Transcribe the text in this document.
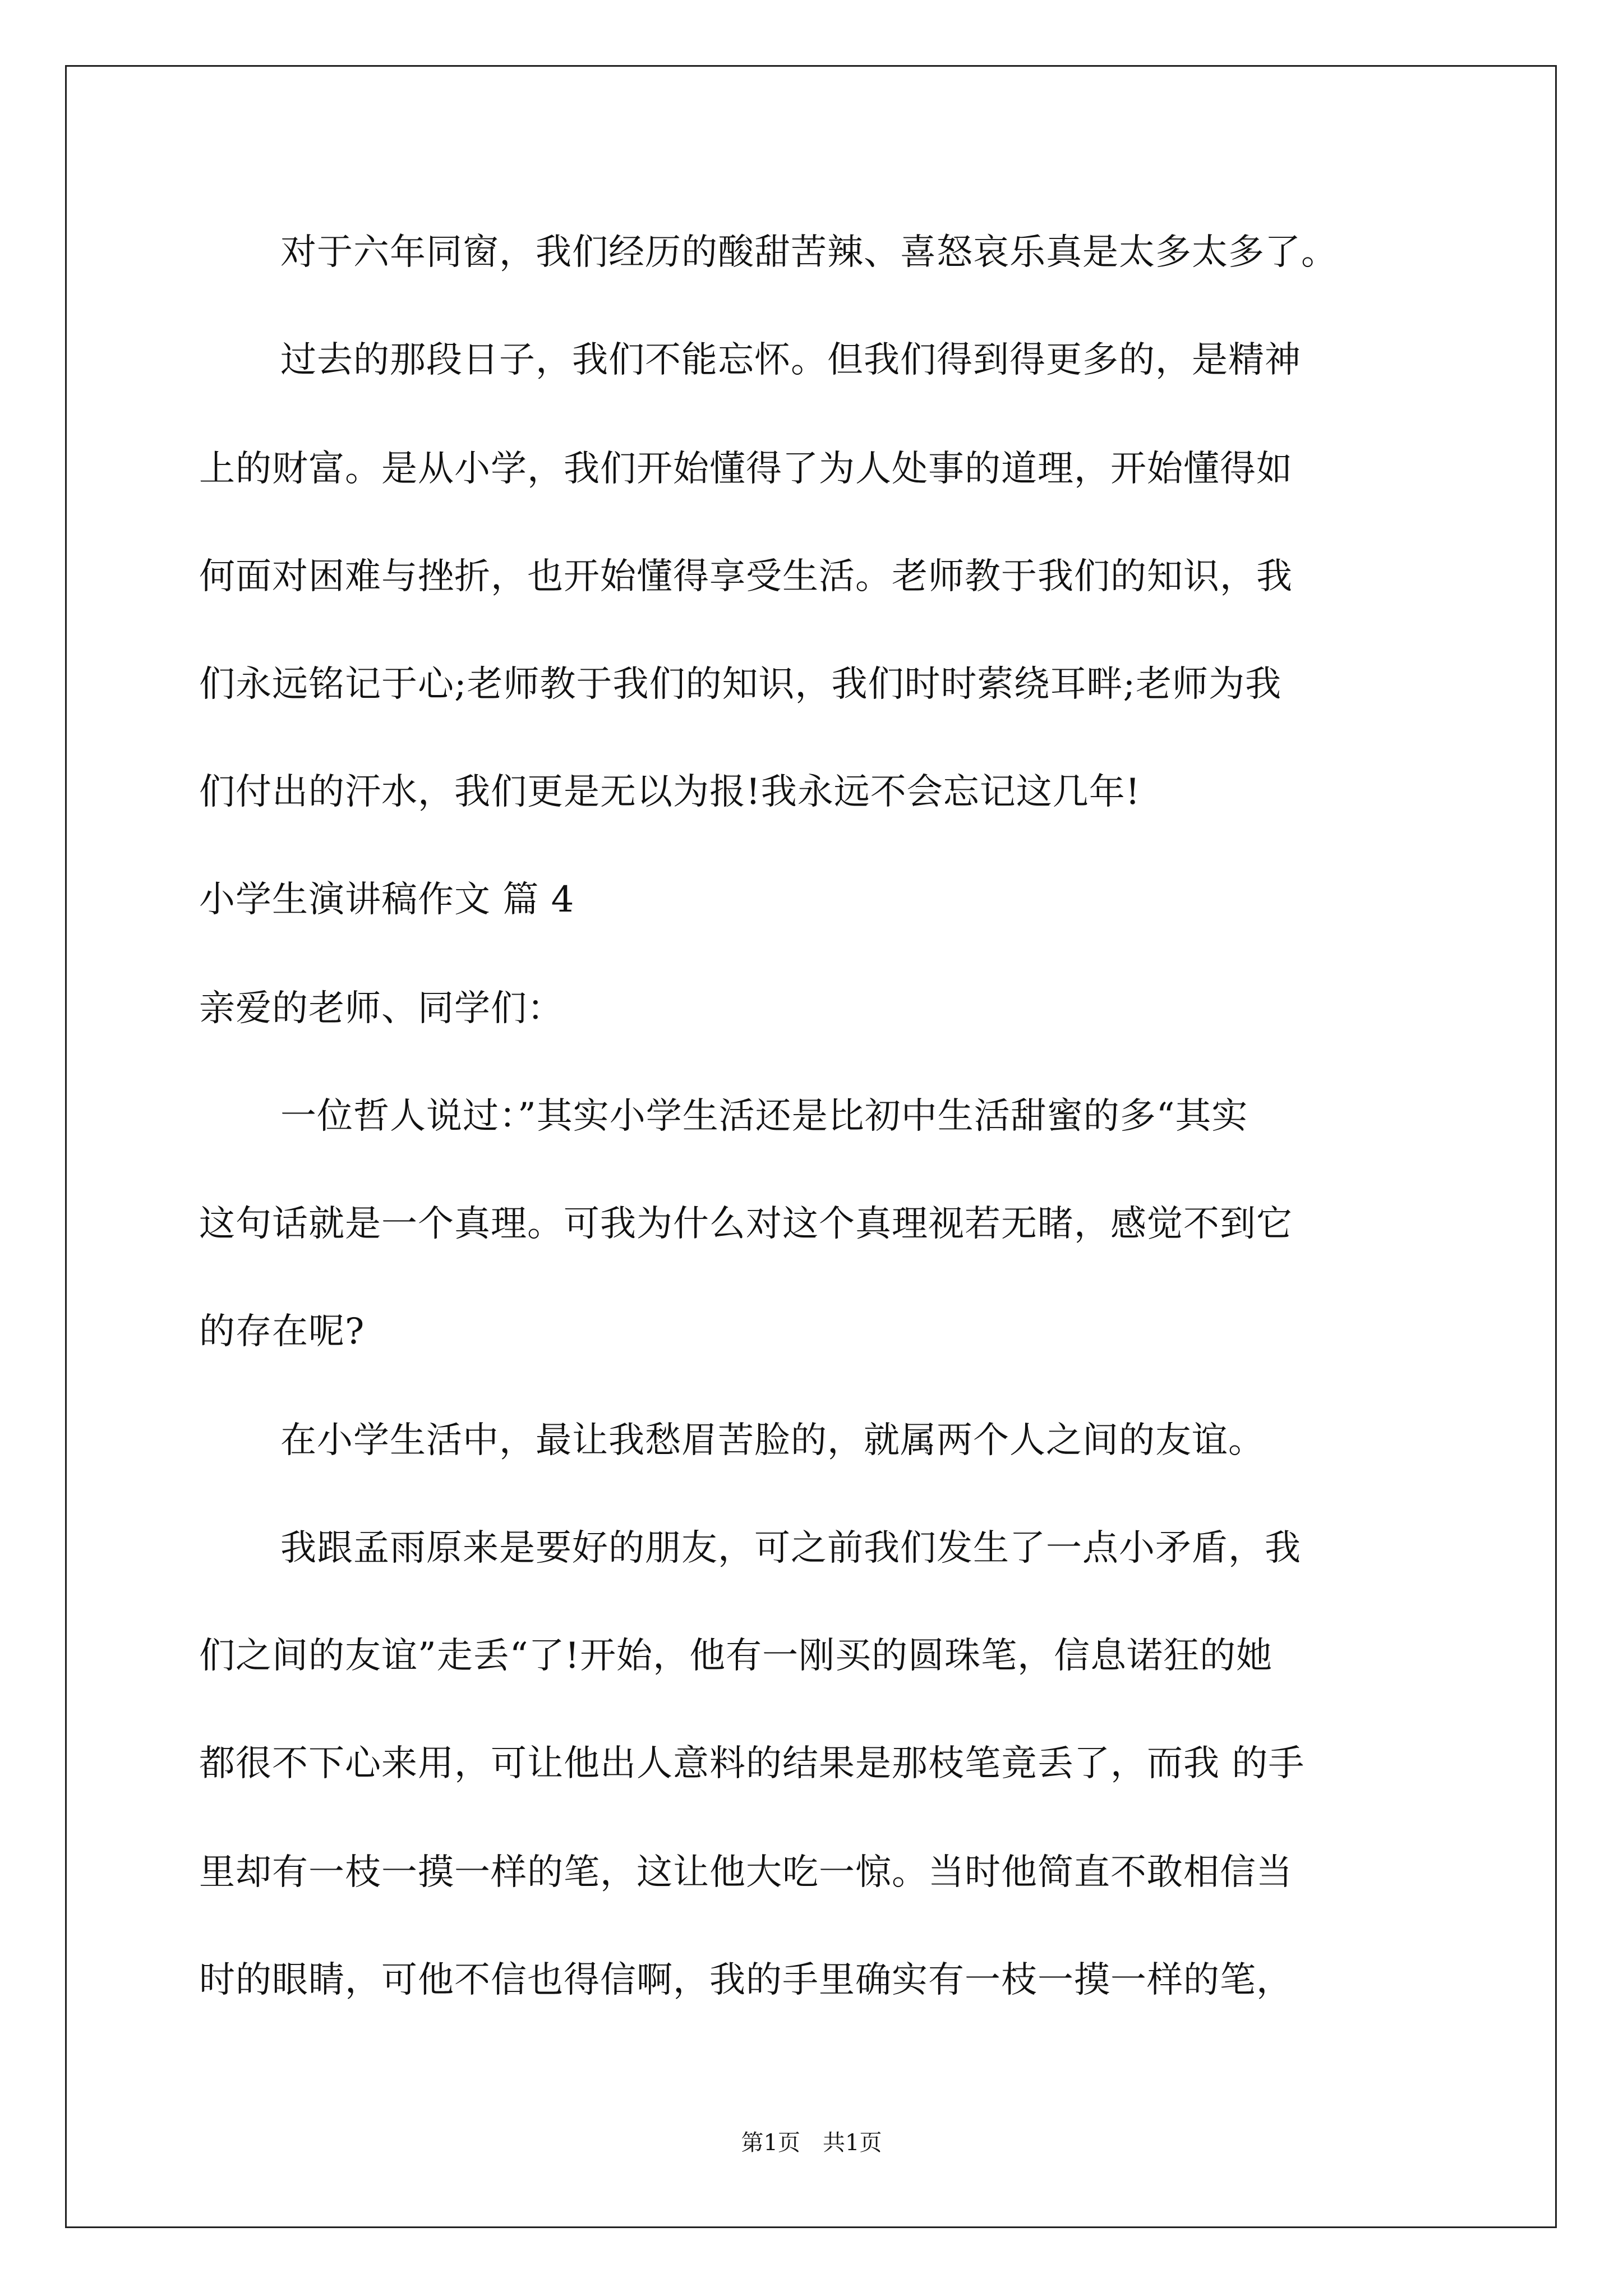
对于六年同窗，我们经历的酸甜苦辣、喜怒哀乐真是太多太多了。
过去的那段日子，我们不能忘怀。但我们得到得更多的，是精神
上的财富。是从小学，我们开始懂得了为人处事的道理，开始懂得如
何面对困难与挫折，也开始懂得享受生活。老师教于我们的知识，我
们永远铭记于心;老师教于我们的知识，我们时时萦绕耳畔;老师为我
们付出的汗水，我们更是无以为报!我永远不会忘记这几年!
小学生演讲稿作文 篇 4
亲爱的老师、同学们：
一位哲人说过：”其实小学生活还是比初中生活甜蜜的多“其实
这句话就是一个真理。可我为什么对这个真理视若无睹，感觉不到它
的存在呢?
在小学生活中，最让我愁眉苦脸的，就属两个人之间的友谊。
我跟孟雨原来是要好的朋友，可之前我们发生了一点小矛盾，我
们之间的友谊”走丢“了!开始，他有一刚买的圆珠笔，信息诺狂的她
都很不下心来用，可让他出人意料的结果是那枝笔竟丢了，而我 的手
里却有一枝一摸一样的笔，这让他大吃一惊。当时他简直不敢相信当
时的眼睛，可他不信也得信啊，我的手里确实有一枝一摸一样的笔，
第1页　共1页
